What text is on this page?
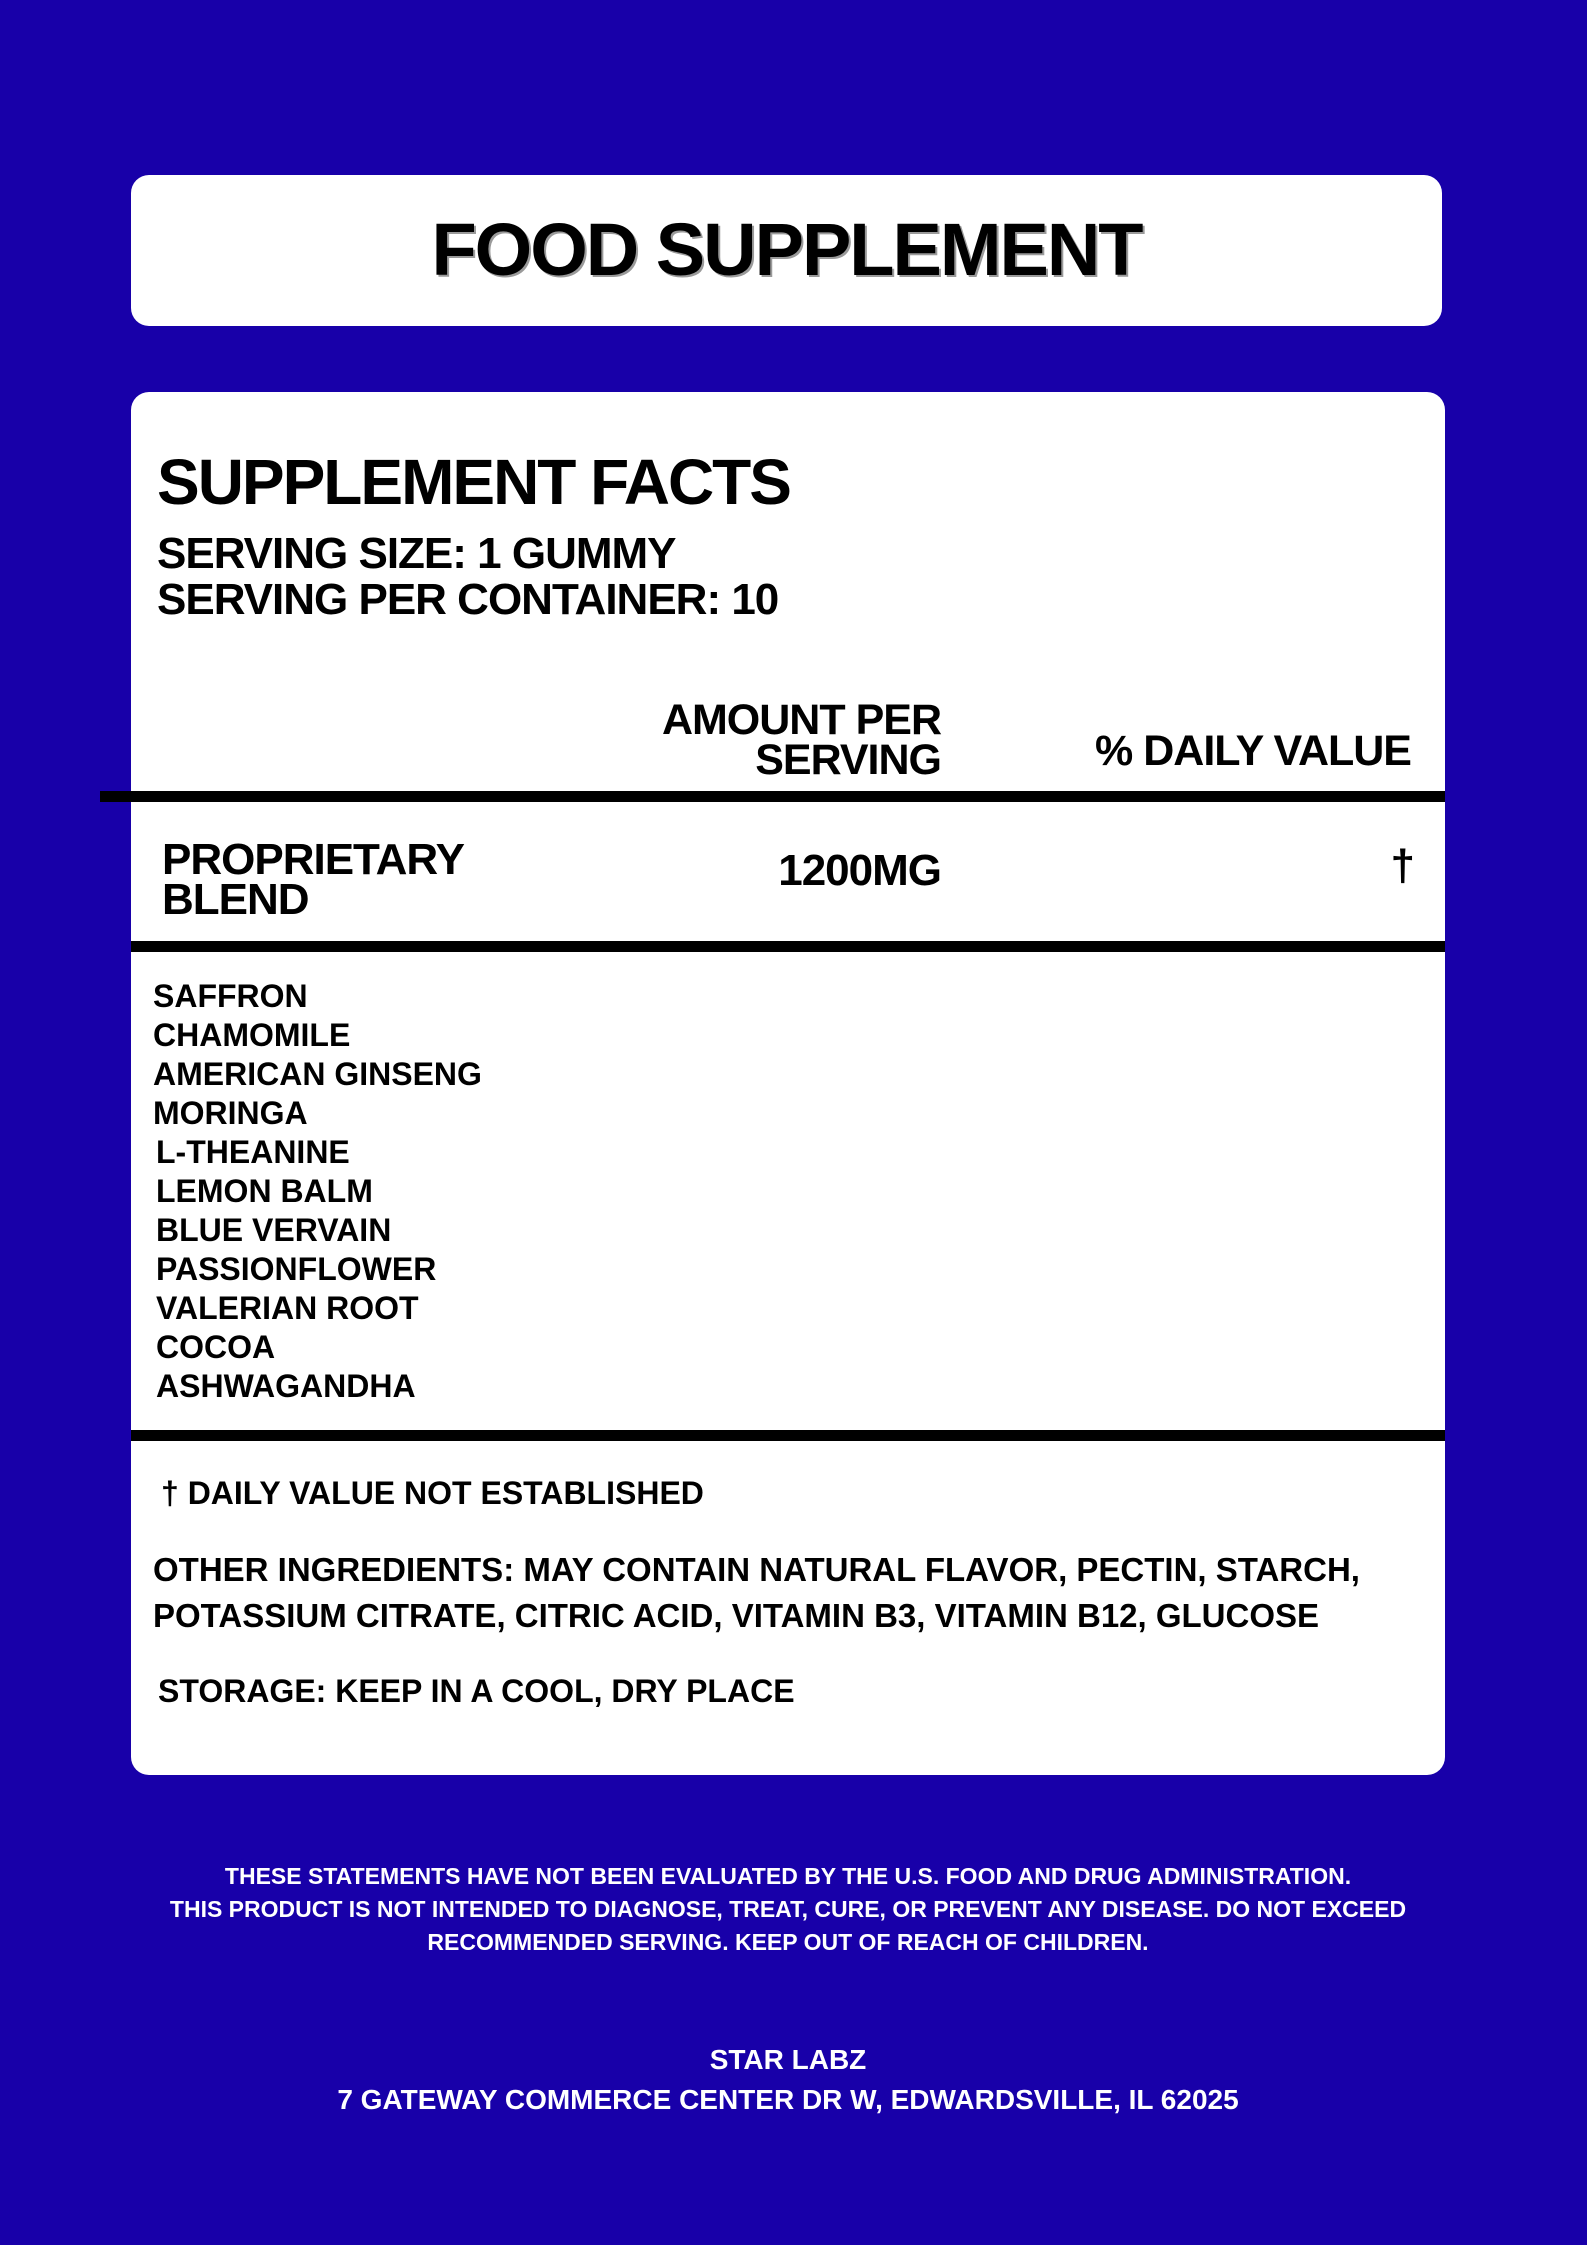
FOOD SUPPLEMENT
SUPPLEMENT FACTS
SERVING SIZE: 1 GUMMY
SERVING PER CONTAINER: 10
AMOUNT PER SERVING	% DAILY VALUE
PROPRIETARY BLEND
1200MG	†
SAFFRON
CHAMOMILE
AMERICAN GINSENG
MORINGA
L-THEANINE
LEMON BALM
BLUE VERVAIN
PASSIONFLOWER
VALERIAN ROOT
COCOA
ASHWAGANDHA
† DAILY VALUE NOT ESTABLISHED
OTHER INGREDIENTS: MAY CONTAIN NATURAL FLAVOR, PECTIN, STARCH, POTASSIUM CITRATE, CITRIC ACID, VITAMIN B3, VITAMIN B12, GLUCOSE
STORAGE: KEEP IN A COOL, DRY PLACE
THESE STATEMENTS HAVE NOT BEEN EVALUATED BY THE U.S. FOOD AND DRUG ADMINISTRATION.
THIS PRODUCT IS NOT INTENDED TO DIAGNOSE, TREAT, CURE, OR PREVENT ANY DISEASE. DO NOT EXCEED
RECOMMENDED SERVING. KEEP OUT OF REACH OF CHILDREN.
STAR LABZ
7 GATEWAY COMMERCE CENTER DR W, EDWARDSVILLE, IL 62025
